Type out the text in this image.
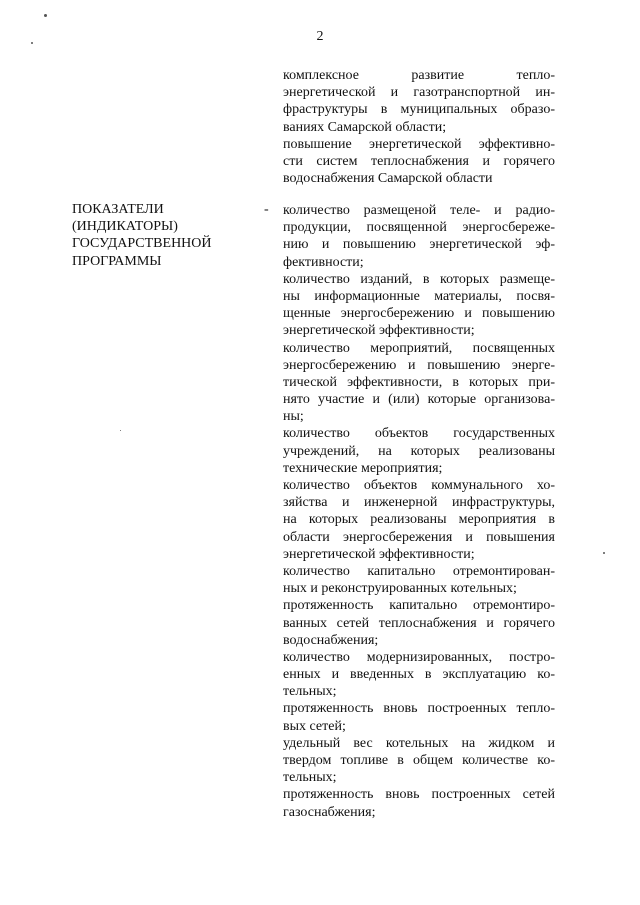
2
комплексное развитие тепло-
энергетической и газотранспортной ин-
фраструктуры в муниципальных образо-
ваниях Самарской области;
повышение энергетической эффективно-
сти систем теплоснабжения и горячего
водоснабжения Самарской области
ПОКАЗАТЕЛИ
(ИНДИКАТОРЫ)
ГОСУДАРСТВЕННОЙ
ПРОГРАММЫ
- количество размещеной теле- и радио-
продукции, посвященной энергосбереже-
нию и повышению энергетической эф-
фективности;
количество изданий, в которых размеще-
ны информационные материалы, посвя-
щенные энергосбережению и повышению
энергетической эффективности;
количество мероприятий, посвященных
энергосбережению и повышению энерге-
тической эффективности, в которых при-
нято участие и (или) которые организова-
ны;
количество объектов государственных
учреждений, на которых реализованы
технические мероприятия;
количество объектов коммунального хо-
зяйства и инженерной инфраструктуры,
на которых реализованы мероприятия в
области энергосбережения и повышения
энергетической эффективности;
количество капитально отремонтирован-
ных и реконструированных котельных;
протяженность капитально отремонтиро-
ванных сетей теплоснабжения и горячего
водоснабжения;
количество модернизированных, постро-
енных и введенных в эксплуатацию ко-
тельных;
протяженность вновь построенных тепло-
вых сетей;
удельный вес котельных на жидком и
твердом топливе в общем количестве ко-
тельных;
протяженность вновь построенных сетей
газоснабжения;
